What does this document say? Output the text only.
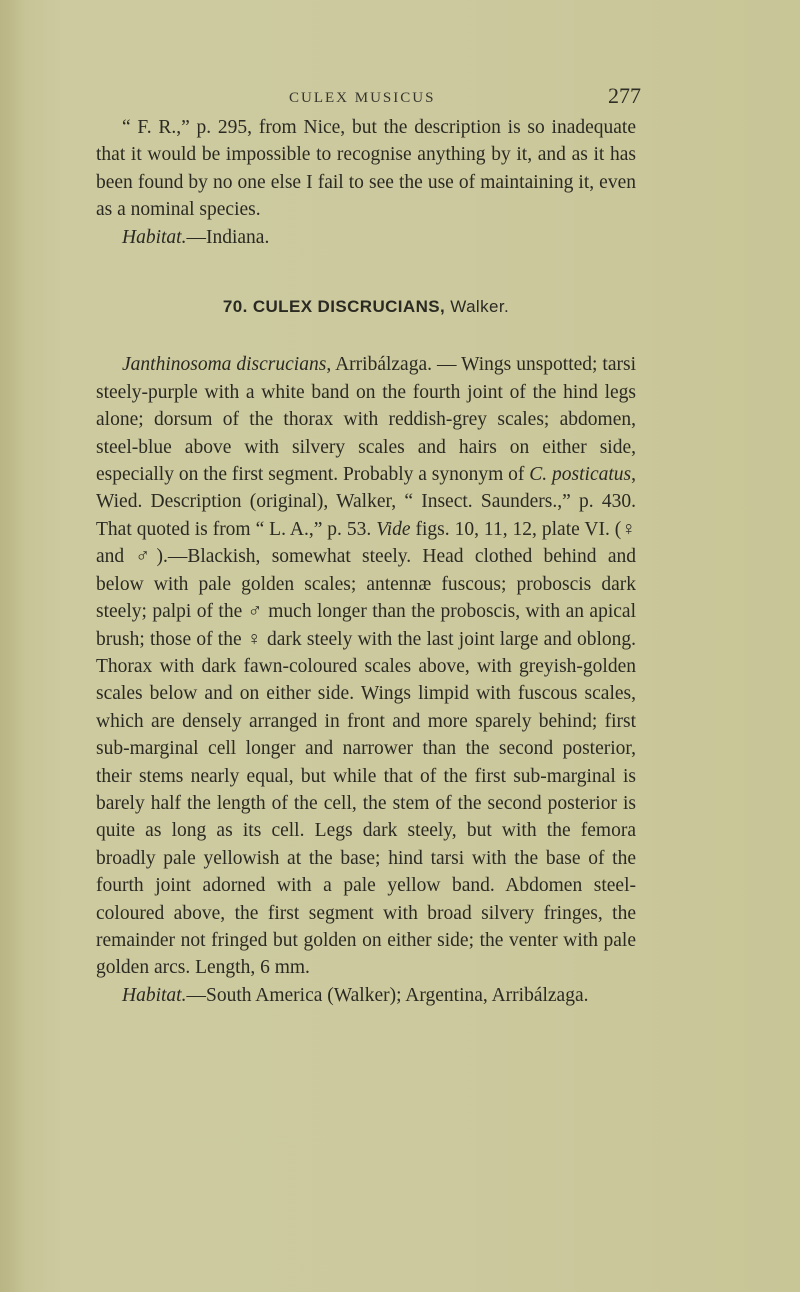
CULEX MUSICUS	277

“ F. R.,” p. 295, from Nice, but the description is so inadequate that it would be impossible to recognise anything by it, and as it has been found by no one else I fail to see the use of maintaining it, even as a nominal species.

Habitat.—Indiana.

70. CULEX DISCRUCIANS, Walker.

Janthinosoma discrucians, Arribálzaga. — Wings unspotted; tarsi steely-purple with a white band on the fourth joint of the hind legs alone; dorsum of the thorax with reddish-grey scales; abdomen, steel-blue above with silvery scales and hairs on either side, especially on the first segment. Probably a synonym of C. posticatus, Wied. Description (original), Walker, “ Insect. Saunders.,” p. 430. That quoted is from “ L. A.,” p. 53. Vide figs. 10, 11, 12, plate VI. (♀ and ♂).—Blackish, somewhat steely. Head clothed behind and below with pale golden scales; antennæ fuscous; proboscis dark steely; palpi of the ♂ much longer than the proboscis, with an apical brush; those of the ♀ dark steely with the last joint large and oblong. Thorax with dark fawn-coloured scales above, with greyish-golden scales below and on either side. Wings limpid with fuscous scales, which are densely arranged in front and more sparely behind; first sub-marginal cell longer and narrower than the second posterior, their stems nearly equal, but while that of the first sub-marginal is barely half the length of the cell, the stem of the second posterior is quite as long as its cell. Legs dark steely, but with the femora broadly pale yellowish at the base; hind tarsi with the base of the fourth joint adorned with a pale yellow band. Abdomen steel-coloured above, the first segment with broad silvery fringes, the remainder not fringed but golden on either side; the venter with pale golden arcs. Length, 6 mm.

Habitat.—South America (Walker); Argentina, Arribálzaga.
